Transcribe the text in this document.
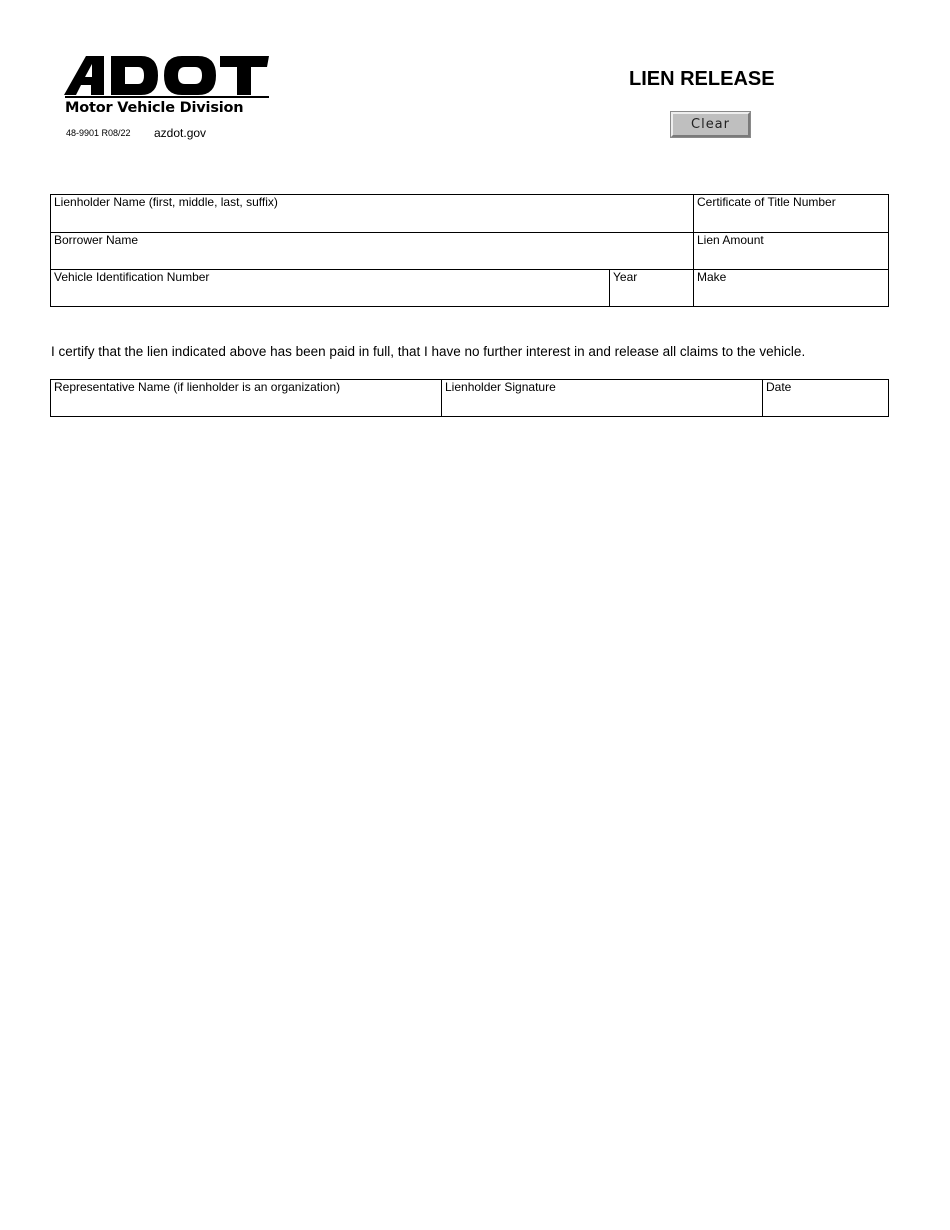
Motor Vehicle Division
48-9901 R08/22 azdot.gov
LIEN RELEASE
Clear
Lienholder Name (first, middle, last, suffix)	Certificate of Title Number
Borrower Name	Lien Amount
Vehicle Identification Number	Year	Make
I certify that the lien indicated above has been paid in full, that I have no further interest in and release all claims to the vehicle.
Representative Name (if lienholder is an organization)	Lienholder Signature	Date
